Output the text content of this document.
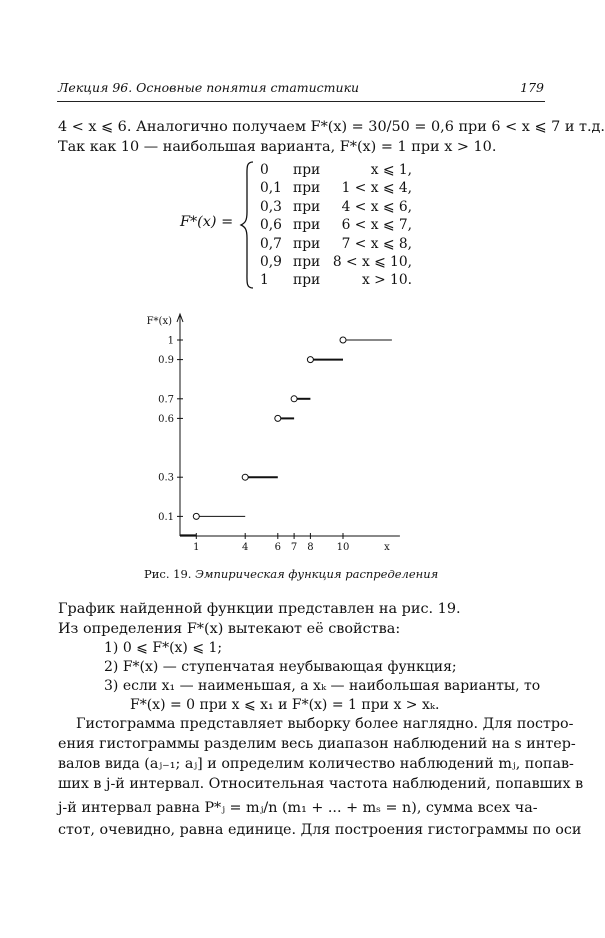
Лекция 96. Основные понятия статистики	179
4 < x ⩽ 6. Аналогично получаем F*(x) = 30/50 = 0,6 при 6 < x ⩽ 7 и т.д.
Так как 10 — наибольшая варианта, F*(x) = 1 при x > 10.
F*(x) =
0 при	x ⩽ 1,
0,1 при 1 < x ⩽ 4,
0,3 при 4 < x ⩽ 6,
0,6 при 6 < x ⩽ 7,
0,7 при 7 < x ⩽ 8,
0,9 при 8 < x ⩽ 10,
1 при	x > 10.
F*(x)
x
1	4	6 7 8 10
0.1
0.3
0.6
0.7
0.9
1
Рис. 19. Эмпирическая функция распределения
График найденной функции представлен на рис. 19.
Из определения F*(x) вытекают её свойства:
1) 0 ⩽ F*(x) ⩽ 1;
2) F*(x) — ступенчатая неубывающая функция;
3) если x₁ — наименьшая, а xₖ — наибольшая варианты, то
F*(x) = 0 при x ⩽ x₁ и F*(x) = 1 при x > xₖ.
Гистограмма представляет выборку более наглядно. Для постро-
ения гистограммы разделим весь диапазон наблюдений на s интер-
валов вида (aⱼ₋₁; aⱼ] и определим количество наблюдений mⱼ, попав-
ших в j-й интервал. Относительная частота наблюдений, попавших в
j-й интервал равна P*ⱼ = mⱼ/n (m₁ + ... + mₛ = n), сумма всех ча-
стот, очевидно, равна единице. Для построения гистограммы по оси
